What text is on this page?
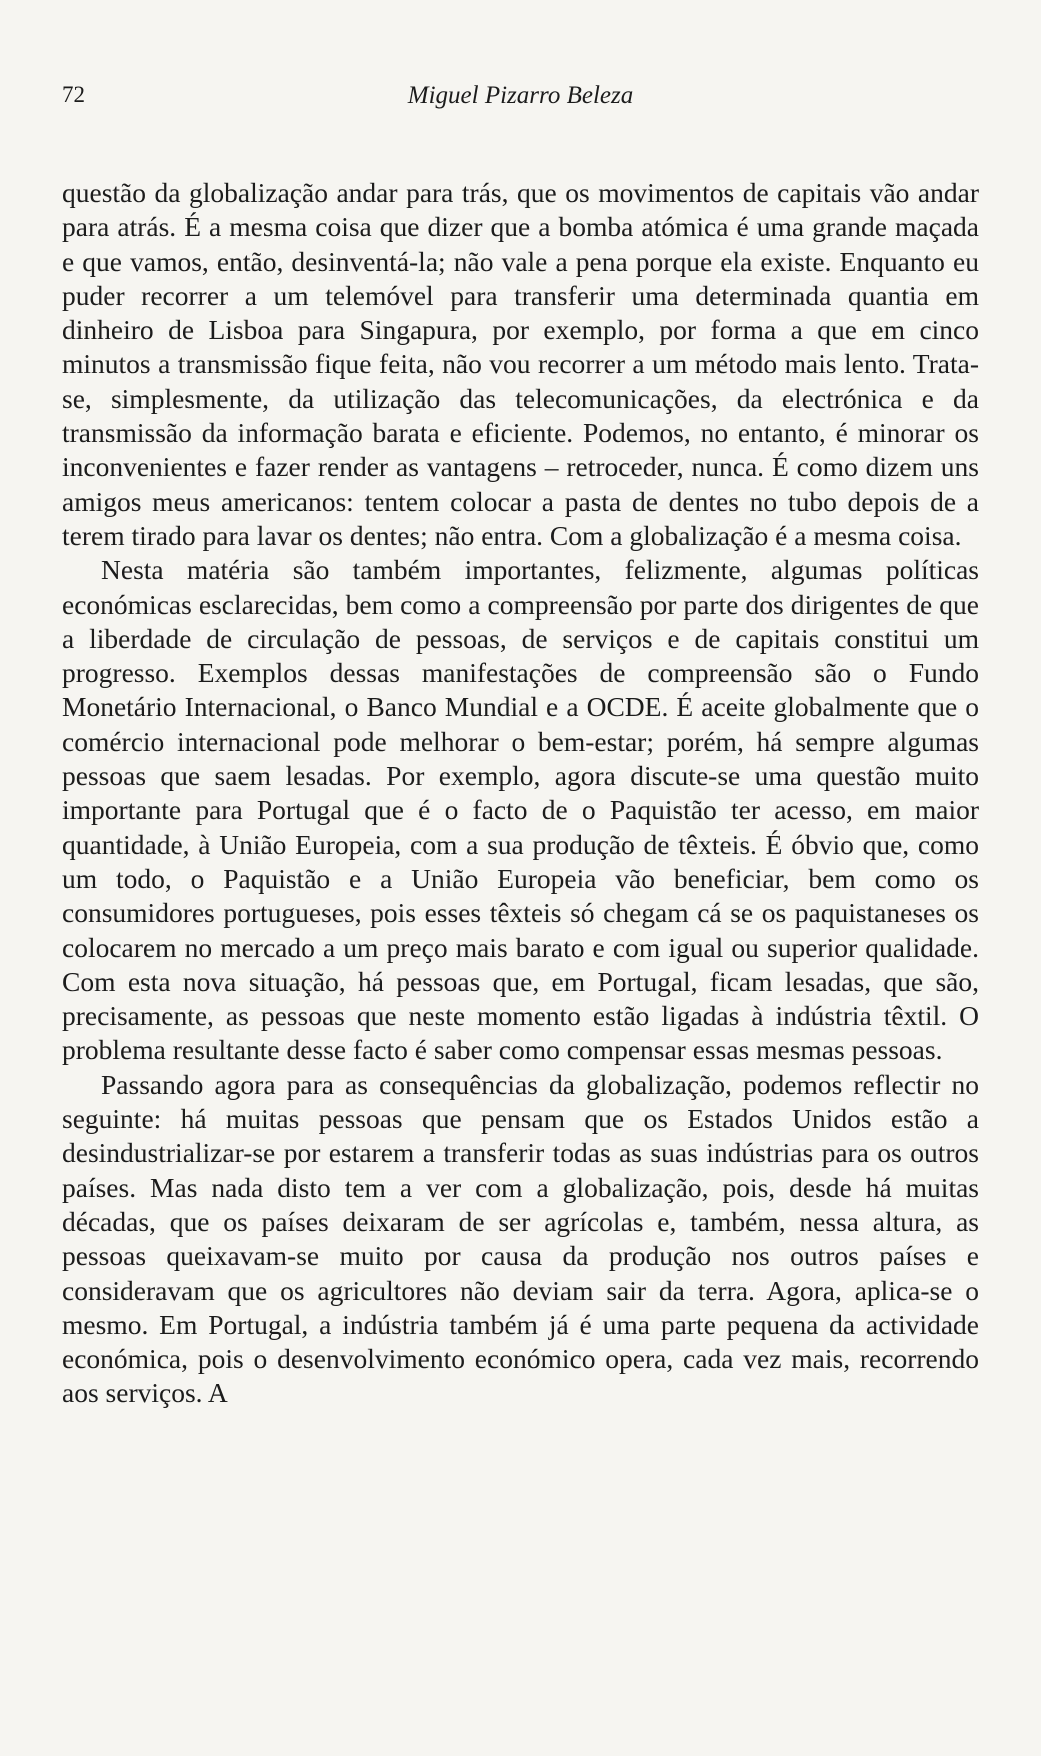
72	Miguel Pizarro Beleza

questão da globalização andar para trás, que os movimentos de capitais vão andar para atrás. É a mesma coisa que dizer que a bomba atómica é uma grande maçada e que vamos, então, desinventá-la; não vale a pena porque ela existe. Enquanto eu puder recorrer a um telemóvel para transferir uma determinada quantia em dinheiro de Lisboa para Singapura, por exemplo, por forma a que em cinco minutos a transmissão fique feita, não vou recorrer a um método mais lento. Trata-se, simplesmente, da utilização das telecomunicações, da electrónica e da transmissão da informação barata e eficiente. Podemos, no entanto, é minorar os inconvenientes e fazer render as vantagens – retroceder, nunca. É como dizem uns amigos meus americanos: tentem colocar a pasta de dentes no tubo depois de a terem tirado para lavar os dentes; não entra. Com a globalização é a mesma coisa.

Nesta matéria são também importantes, felizmente, algumas políticas económicas esclarecidas, bem como a compreensão por parte dos dirigentes de que a liberdade de circulação de pessoas, de serviços e de capitais constitui um progresso. Exemplos dessas manifestações de compreensão são o Fundo Monetário Internacional, o Banco Mundial e a OCDE. É aceite globalmente que o comércio internacional pode melhorar o bem-estar; porém, há sempre algumas pessoas que saem lesadas. Por exemplo, agora discute-se uma questão muito importante para Portugal que é o facto de o Paquistão ter acesso, em maior quantidade, à União Europeia, com a sua produção de têxteis. É óbvio que, como um todo, o Paquistão e a União Europeia vão beneficiar, bem como os consumidores portugueses, pois esses têxteis só chegam cá se os paquistaneses os colocarem no mercado a um preço mais barato e com igual ou superior qualidade. Com esta nova situação, há pessoas que, em Portugal, ficam lesadas, que são, precisamente, as pessoas que neste momento estão ligadas à indústria têxtil. O problema resultante desse facto é saber como compensar essas mesmas pessoas.

Passando agora para as consequências da globalização, podemos reflectir no seguinte: há muitas pessoas que pensam que os Estados Unidos estão a desindustrializar-se por estarem a transferir todas as suas indústrias para os outros países. Mas nada disto tem a ver com a globalização, pois, desde há muitas décadas, que os países deixaram de ser agrícolas e, também, nessa altura, as pessoas queixavam-se muito por causa da produção nos outros países e consideravam que os agricultores não deviam sair da terra. Agora, aplica-se o mesmo. Em Portugal, a indústria também já é uma parte pequena da actividade económica, pois o desenvolvimento económico opera, cada vez mais, recorrendo aos serviços. A
